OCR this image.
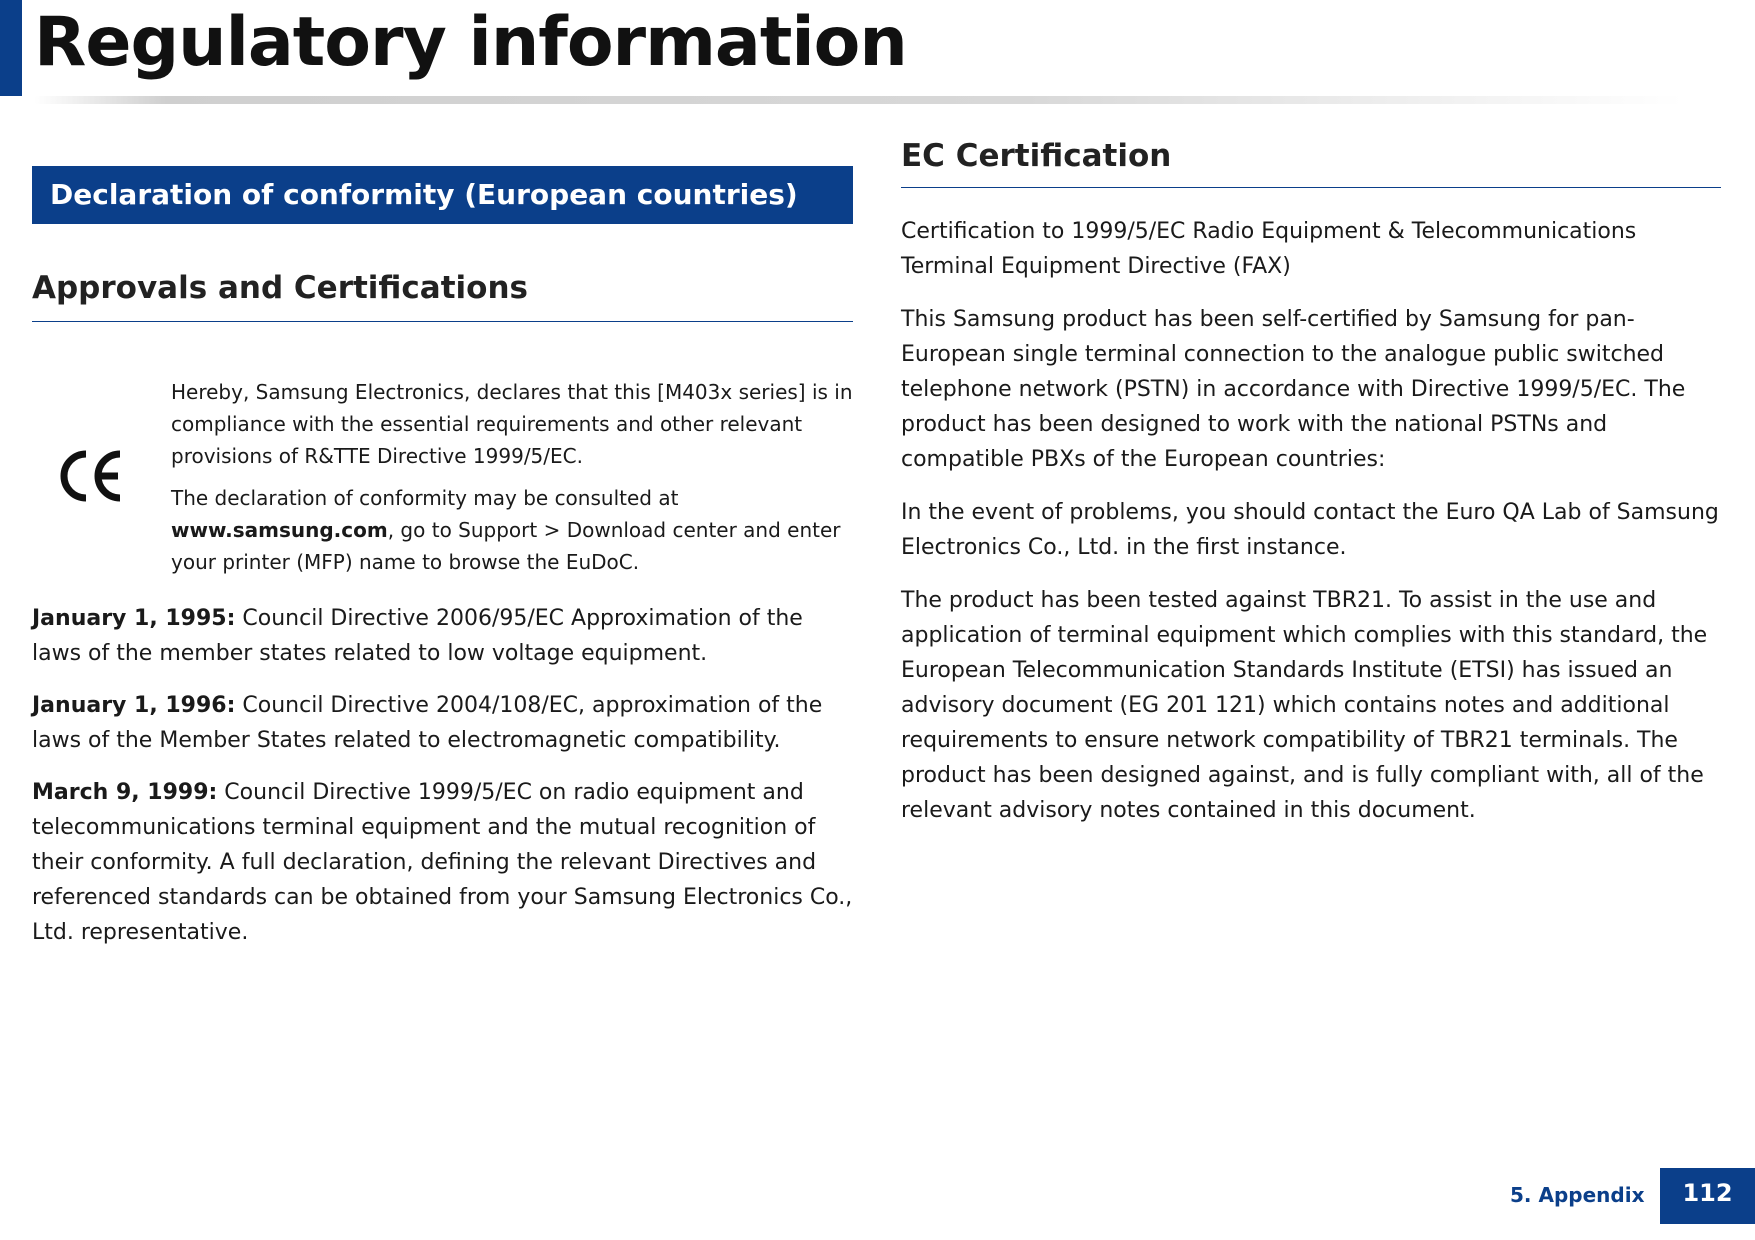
Regulatory information
Declaration of conformity (European countries)
Approvals and Certifications

Hereby, Samsung Electronics, declares that this [M403x series] is in compliance with the essential requirements and other relevant provisions of R&TTE Directive 1999/5/EC.

The declaration of conformity may be consulted at
www.samsung.com, go to Support > Download center and enter your printer (MFP) name to browse the EuDoC.

January 1, 1995: Council Directive 2006/95/EC Approximation of the laws of the member states related to low voltage equipment.

January 1, 1996: Council Directive 2004/108/EC, approximation of the laws of the Member States related to electromagnetic compatibility.

March 9, 1999: Council Directive 1999/5/EC on radio equipment and telecommunications terminal equipment and the mutual recognition of their conformity. A full declaration, defining the relevant Directives and referenced standards can be obtained from your Samsung Electronics Co., Ltd. representative.

EC Certification

Certification to 1999/5/EC Radio Equipment & Telecommunications Terminal Equipment Directive (FAX)

This Samsung product has been self-certified by Samsung for pan-European single terminal connection to the analogue public switched telephone network (PSTN) in accordance with Directive 1999/5/EC. The product has been designed to work with the national PSTNs and compatible PBXs of the European countries:

In the event of problems, you should contact the Euro QA Lab of Samsung Electronics Co., Ltd. in the first instance.

The product has been tested against TBR21. To assist in the use and application of terminal equipment which complies with this standard, the European Telecommunication Standards Institute (ETSI) has issued an advisory document (EG 201 121) which contains notes and additional requirements to ensure network compatibility of TBR21 terminals. The product has been designed against, and is fully compliant with, all of the relevant advisory notes contained in this document.

5. Appendix	112
